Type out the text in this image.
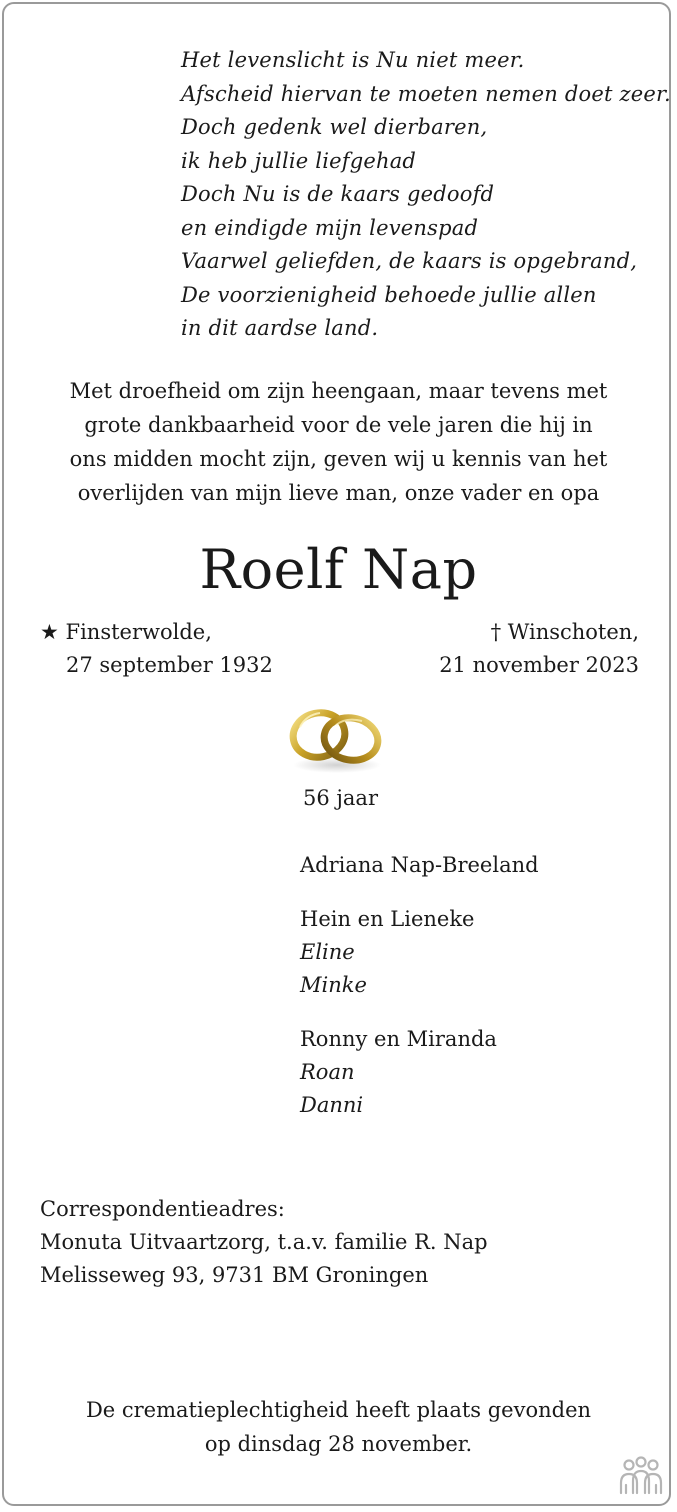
Het levenslicht is Nu niet meer.
Afscheid hiervan te moeten nemen doet zeer.
Doch gedenk wel dierbaren,
ik heb jullie liefgehad
Doch Nu is de kaars gedoofd
en eindigde mijn levenspad
Vaarwel geliefden, de kaars is opgebrand,
De voorzienigheid behoede jullie allen
in dit aardse land.
Met droefheid om zijn heengaan, maar tevens met
grote dankbaarheid voor de vele jaren die hij in
ons midden mocht zijn, geven wij u kennis van het
overlijden van mijn lieve man, onze vader en opa
Roelf Nap
★ Finsterwolde,
27 september 1932
† Winschoten,
21 november 2023
56 jaar
Adriana Nap-Breeland
Hein en Lieneke
Eline
Minke
Ronny en Miranda
Roan
Danni
Correspondentieadres:
Monuta Uitvaartzorg, t.a.v. familie R. Nap
Melisseweg 93, 9731 BM Groningen
De crematieplechtigheid heeft plaats gevonden
op dinsdag 28 november.
